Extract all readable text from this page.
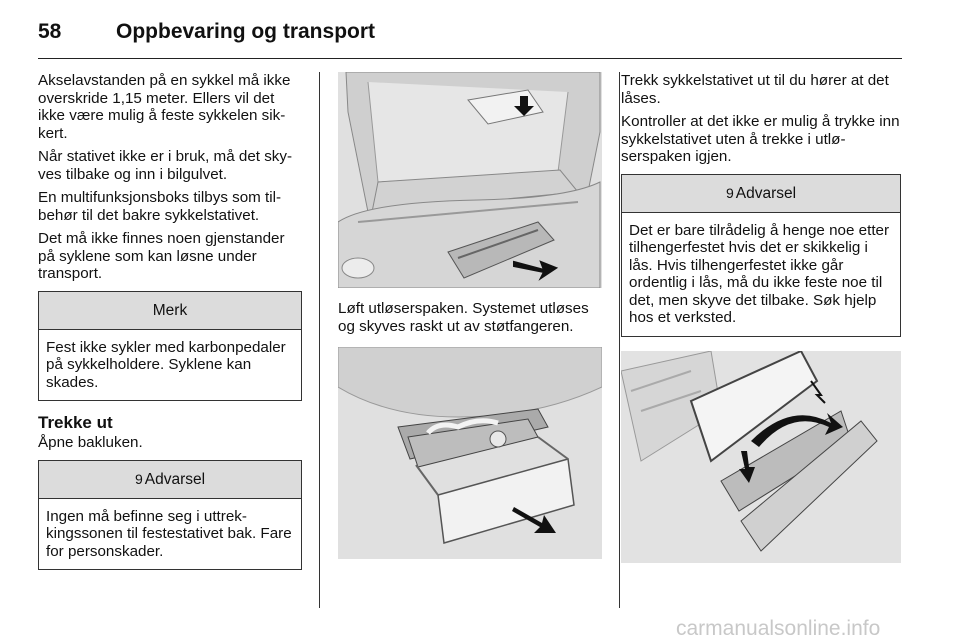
58	Oppbevaring og transport

Akselavstanden på en sykkel må ikke overskride 1,15 meter. Ellers vil det ikke være mulig å feste sykkelen sikkert.

Når stativet ikke er i bruk, må det skyves tilbake og inn i bilgulvet.

En multifunksjonsboks tilbys som tilbehør til det bakre sykkelstativet.

Det må ikke finnes noen gjenstander på syklene som kan løsne under transport.

Merk
Fest ikke sykler med karbonpedaler på sykkelholdere. Syklene kan skades.
Trekke ut

Åpne bakluken.

9 Advarsel
Ingen må befinne seg i uttrekkingssonen til festestativet bak. Fare for personskader.

Løft utløserspaken. Systemet utløses og skyves raskt ut av støtfangeren.

Trekk sykkelstativet ut til du hører at det låses.

Kontroller at det ikke er mulig å trykke inn sykkelstativet uten å trekke i utløserspaken igjen.

9 Advarsel
Det er bare tilrådelig å henge noe etter tilhengerfestet hvis det er skikkelig i lås. Hvis tilhengerfestet ikke går ordentlig i lås, må du ikke feste noe til det, men skyve det tilbake. Søk hjelp hos et verksted.
carmanualsonline.info
